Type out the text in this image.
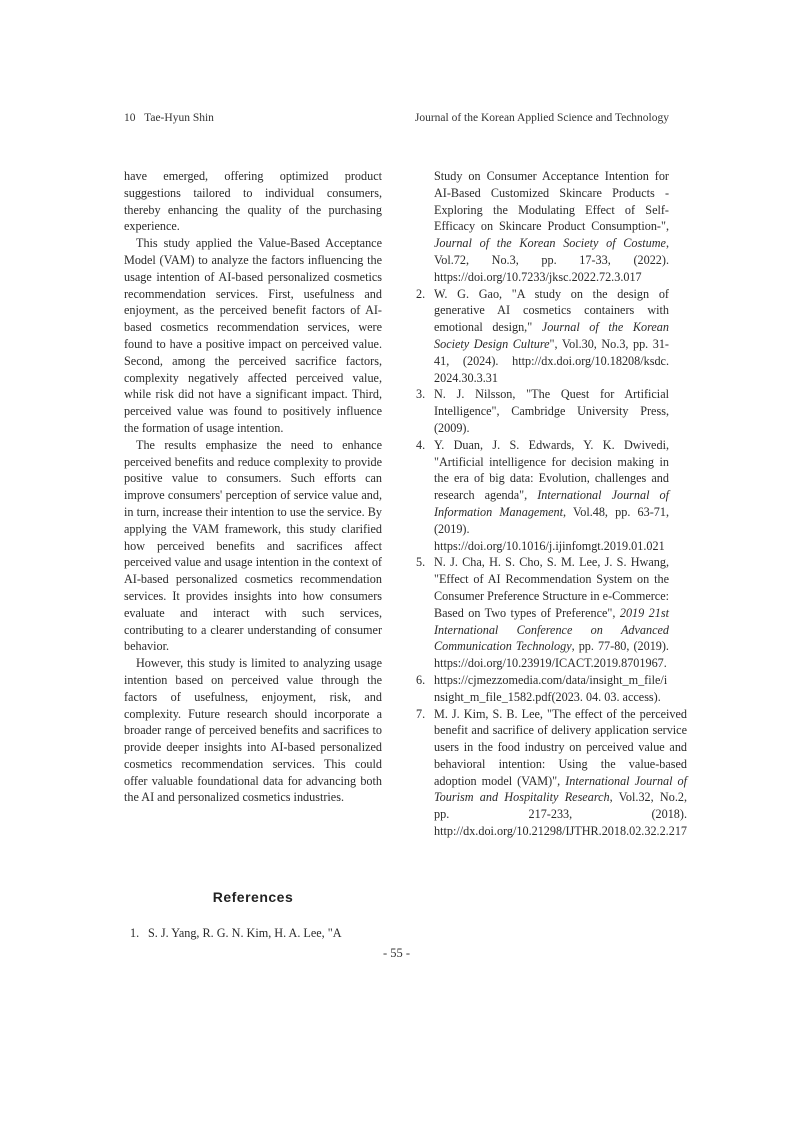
10 Tae-Hyun Shin	Journal of the Korean Applied Science and Technology

have emerged, offering optimized product suggestions tailored to individual consumers, thereby enhancing the quality of the purchasing experience.

This study applied the Value-Based Acceptance Model (VAM) to analyze the factors influencing the usage intention of AI-based personalized cosmetics recommendation services. First, usefulness and enjoyment, as the perceived benefit factors of AI-based cosmetics recommendation services, were found to have a positive impact on perceived value. Second, among the perceived sacrifice factors, complexity negatively affected perceived value, while risk did not have a significant impact. Third, perceived value was found to positively influence the formation of usage intention.

The results emphasize the need to enhance perceived benefits and reduce complexity to provide positive value to consumers. Such efforts can improve consumers' perception of service value and, in turn, increase their intention to use the service. By applying the VAM framework, this study clarified how perceived benefits and sacrifices affect perceived value and usage intention in the context of AI-based personalized cosmetics recommendation services. It provides insights into how consumers evaluate and interact with such services, contributing to a clearer understanding of consumer behavior.

However, this study is limited to analyzing usage intention based on perceived value through the factors of usefulness, enjoyment, risk, and complexity. Future research should incorporate a broader range of perceived benefits and sacrifices to provide deeper insights into AI-based personalized cosmetics recommendation services. This could offer valuable foundational data for advancing both the AI and personalized cosmetics industries.

References
1. S. J. Yang, R. G. N. Kim, H. A. Lee, "A
Study on Consumer Acceptance Intention for AI-Based Customized Skincare Products -Exploring the Modulating Effect of Self-Efficacy on Skincare Product Consumption-", Journal of the Korean Society of Costume, Vol.72, No.3, pp. 17-33, (2022). https://doi.org/10.7233/jksc.2022.72.3.017
2. W. G. Gao, "A study on the design of generative AI cosmetics containers with emotional design," Journal of the Korean Society Design Culture", Vol.30, No.3, pp. 31-41, (2024). http://dx.doi.org/10.18208/ksdc. 2024.30.3.31
3. N. J. Nilsson, "The Quest for Artificial Intelligence", Cambridge University Press, (2009).
4. Y. Duan, J. S. Edwards, Y. K. Dwivedi, "Artificial intelligence for decision making in the era of big data: Evolution, challenges and research agenda", International Journal of Information Management, Vol.48, pp. 63-71, (2019). https://doi.org/10.1016/j.ijinfomgt.2019.01.021
5. N. J. Cha, H. S. Cho, S. M. Lee, J. S. Hwang, "Effect of AI Recommendation System on the Consumer Preference Structure in e-Commerce: Based on Two types of Preference", 2019 21st International Conference on Advanced Communication Technology, pp. 77-80, (2019). https://doi.org/10.23919/ICACT.2019.8701967.
6. https://cjmezzomedia.com/data/insight_m_file/insight_m_file_1582.pdf(2023. 04. 03. access).
7. M. J. Kim, S. B. Lee, "The effect of the perceived benefit and sacrifice of delivery application service users in the food industry on perceived value and behavioral intention: Using the value-based adoption model (VAM)", International Journal of Tourism and Hospitality Research, Vol.32, No.2, pp. 217-233, (2018). http://dx.doi.org/10.21298/IJTHR.2018.02.32.2.217
- 55 -
